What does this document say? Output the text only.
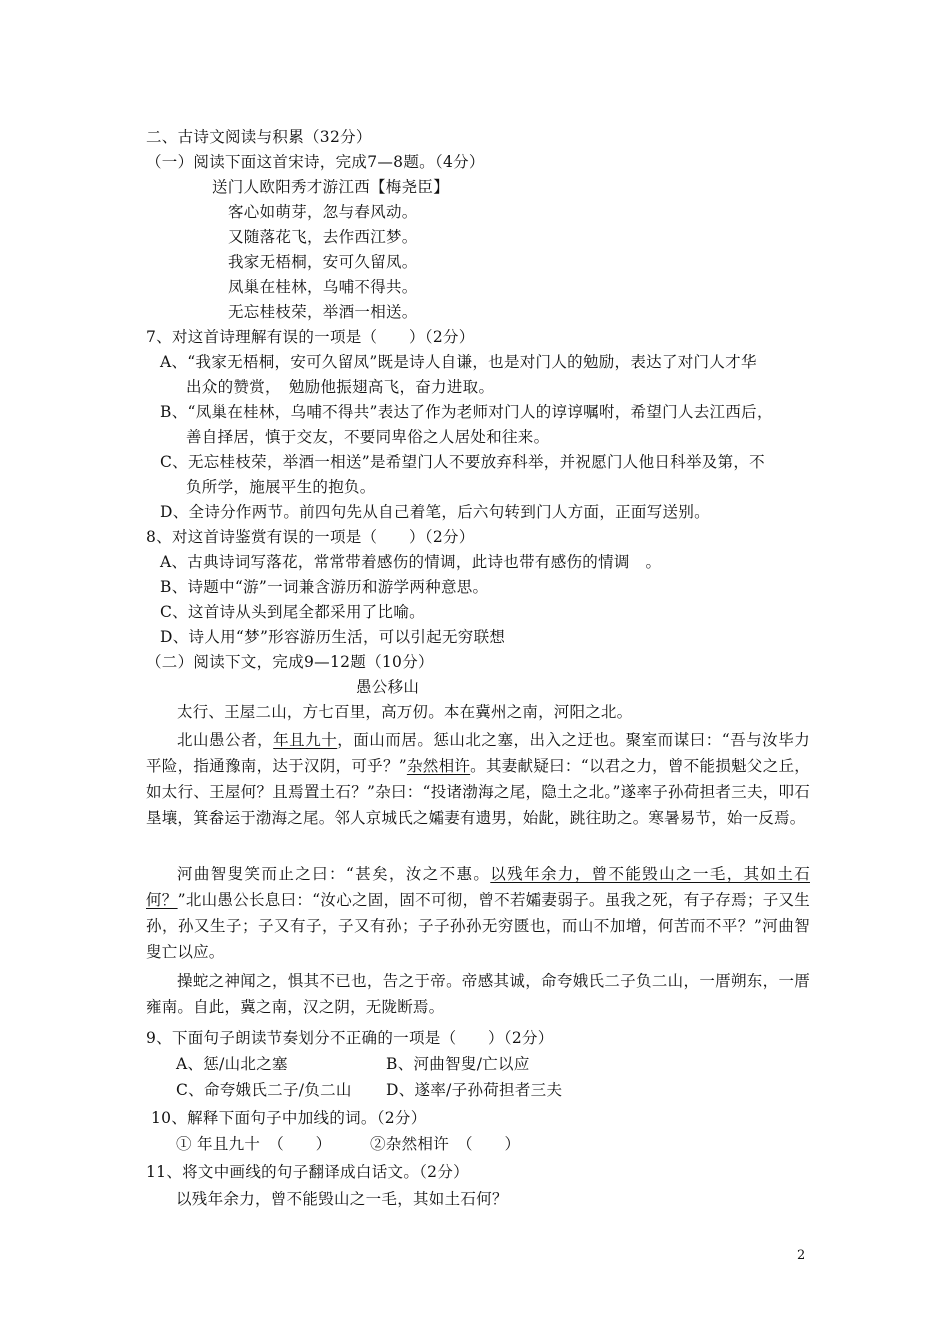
二、古诗文阅读与积累（32分）
（一）阅读下面这首宋诗，完成7—8题。（4分）
送门人欧阳秀才游江西【梅尧臣】
客心如萌芽，忽与春风动。
又随落花飞，去作西江梦。
我家无梧桐，安可久留凤。
凤巢在桂林，乌哺不得共。
无忘桂枝荣，举酒一相送。
7、对这首诗理解有误的一项是（　　）（2分）
A、“我家无梧桐，安可久留凤”既是诗人自谦，也是对门人的勉励，表达了对门人才华
出众的赞赏，　勉励他振翅高飞，奋力进取。
B、“凤巢在桂林，乌哺不得共”表达了作为老师对门人的谆谆嘱咐，希望门人去江西后，
善自择居，慎于交友，不要同卑俗之人居处和往来。
C、无忘桂枝荣，举酒一相送”是希望门人不要放弃科举，并祝愿门人他日科举及第，不
负所学，施展平生的抱负。
D、全诗分作两节。前四句先从自己着笔，后六句转到门人方面，正面写送别。
8、对这首诗鉴赏有误的一项是（　　）（2分）
A、古典诗词写落花，常常带着感伤的情调，此诗也带有感伤的情调　。
B、诗题中“游”一词兼含游历和游学两种意思。
C、这首诗从头到尾全都采用了比喻。
D、诗人用“梦”形容游历生活，可以引起无穷联想
（二）阅读下文，完成9—12题（10分）
愚公移山
太行、王屋二山，方七百里，高万仞。本在冀州之南，河阳之北。
北山愚公者，年且九十，面山而居。惩山北之塞，出入之迂也。聚室而谋曰：“吾与汝毕力平险，指通豫南，达于汉阴，可乎？”杂然相许。其妻献疑曰：“以君之力，曾不能损魁父之丘，如太行、王屋何？且焉置土石？”杂曰：“投诸渤海之尾，隐土之北。”遂率子孙荷担者三夫，叩石垦壤，箕畚运于渤海之尾。邻人京城氏之孀妻有遗男，始龀，跳往助之。寒暑易节，始一反焉。
河曲智叟笑而止之曰：“甚矣，汝之不惠。以残年余力，曾不能毁山之一毛，其如土石何？”北山愚公长息曰：“汝心之固，固不可彻，曾不若孀妻弱子。虽我之死，有子存焉；子又生孙，孙又生子；子又有子，子又有孙；子子孙孙无穷匮也，而山不加增，何苦而不平？”河曲智叟亡以应。
操蛇之神闻之，惧其不已也，告之于帝。帝感其诚，命夸娥氏二子负二山，一厝朔东，一厝雍南。自此，冀之南，汉之阴，无陇断焉。
9、下面句子朗读节奏划分不正确的一项是（　　）（2分）
A、惩/山北之塞	B、河曲智叟/亡以应
C、命夸娥氏二子/负二山 D、遂率/子孙荷担者三夫
10、解释下面句子中加线的词。（2分）
① 年且九十　（　　） ②杂然相许　（　　）
11、将文中画线的句子翻译成白话文。（2分）
以残年余力，曾不能毁山之一毛，其如土石何？
2
